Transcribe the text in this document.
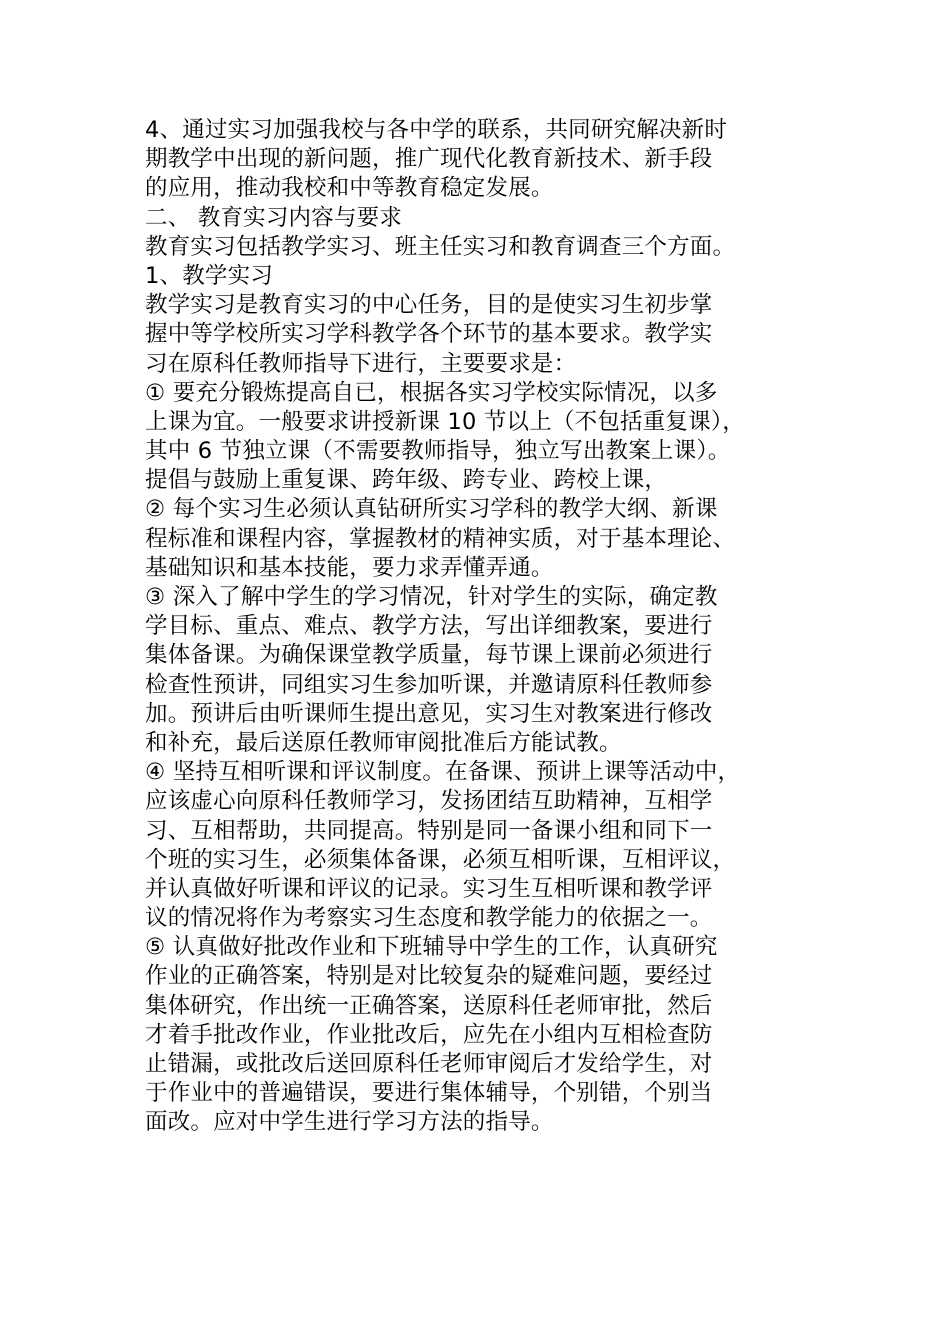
4、通过实习加强我校与各中学的联系，共同研究解决新时
期教学中出现的新问题，推广现代化教育新技术、新手段
的应用，推动我校和中等教育稳定发展。
二、 教育实习内容与要求
教育实习包括教学实习、班主任实习和教育调查三个方面。
1、教学实习
教学实习是教育实习的中心任务，目的是使实习生初步掌
握中等学校所实习学科教学各个环节的基本要求。教学实
习在原科任教师指导下进行，主要要求是：
① 要充分锻炼提高自已，根据各实习学校实际情况，以多
上课为宜。一般要求讲授新课 10 节以上（不包括重复课），
其中 6 节独立课（不需要教师指导，独立写出教案上课）。
提倡与鼓励上重复课、跨年级、跨专业、跨校上课，
② 每个实习生必须认真钻研所实习学科的教学大纲、新课
程标准和课程内容，掌握教材的精神实质，对于基本理论、
基础知识和基本技能，要力求弄懂弄通。
③ 深入了解中学生的学习情况，针对学生的实际，确定教
学目标、重点、难点、教学方法，写出详细教案，要进行
集体备课。为确保课堂教学质量，每节课上课前必须进行
检查性预讲，同组实习生参加听课，并邀请原科任教师参
加。预讲后由听课师生提出意见，实习生对教案进行修改
和补充，最后送原任教师审阅批准后方能试教。
④ 坚持互相听课和评议制度。在备课、预讲上课等活动中，
应该虚心向原科任教师学习，发扬团结互助精神，互相学
习、互相帮助，共同提高。特别是同一备课小组和同下一
个班的实习生，必须集体备课，必须互相听课，互相评议，
并认真做好听课和评议的记录。实习生互相听课和教学评
议的情况将作为考察实习生态度和教学能力的依据之一。
⑤ 认真做好批改作业和下班辅导中学生的工作，认真研究
作业的正确答案，特别是对比较复杂的疑难问题，要经过
集体研究，作出统一正确答案，送原科任老师审批，然后
才着手批改作业，作业批改后，应先在小组内互相检查防
止错漏，或批改后送回原科任老师审阅后才发给学生，对
于作业中的普遍错误，要进行集体辅导，个别错，个别当
面改。应对中学生进行学习方法的指导。
